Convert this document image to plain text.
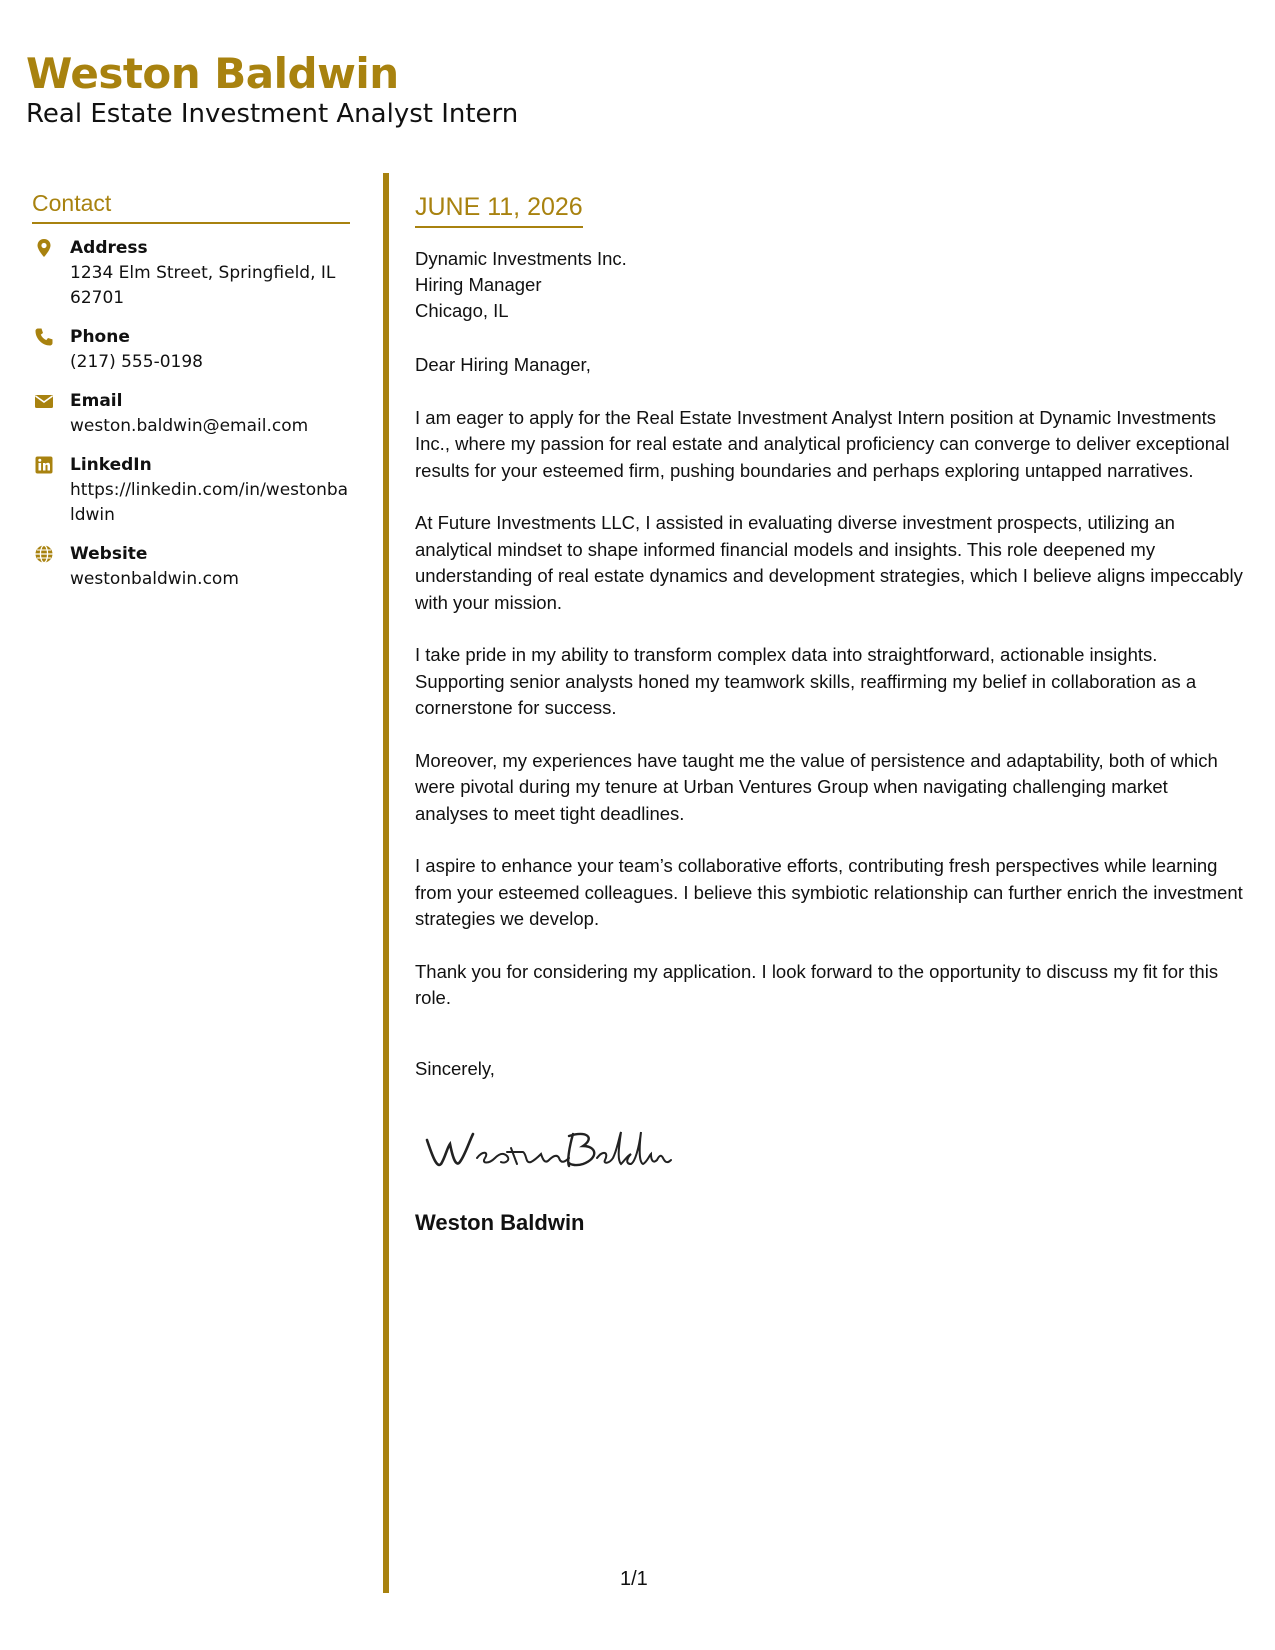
Weston Baldwin
Real Estate Investment Analyst Intern
Contact
Address
1234 Elm Street, Springfield, IL 62701
Phone
(217) 555-0198
Email
weston.baldwin@email.com
LinkedIn
https://linkedin.com/in/westonbaldwin
Website
westonbaldwin.com
JUNE 11, 2026
Dynamic Investments Inc.
Hiring Manager
Chicago, IL
Dear Hiring Manager,

I am eager to apply for the Real Estate Investment Analyst Intern position at Dynamic Investments Inc., where my passion for real estate and analytical proficiency can converge to deliver exceptional results for your esteemed firm, pushing boundaries and perhaps exploring untapped narratives.

At Future Investments LLC, I assisted in evaluating diverse investment prospects, utilizing an analytical mindset to shape informed financial models and insights. This role deepened my understanding of real estate dynamics and development strategies, which I believe aligns impeccably with your mission.

I take pride in my ability to transform complex data into straightforward, actionable insights. Supporting senior analysts honed my teamwork skills, reaffirming my belief in collaboration as a cornerstone for success.

Moreover, my experiences have taught me the value of persistence and adaptability, both of which were pivotal during my tenure at Urban Ventures Group when navigating challenging market analyses to meet tight deadlines.

I aspire to enhance your team’s collaborative efforts, contributing fresh perspectives while learning from your esteemed colleagues. I believe this symbiotic relationship can further enrich the investment strategies we develop.

Thank you for considering my application. I look forward to the opportunity to discuss my fit for this role.

Sincerely,
Weston Baldwin
1/1
